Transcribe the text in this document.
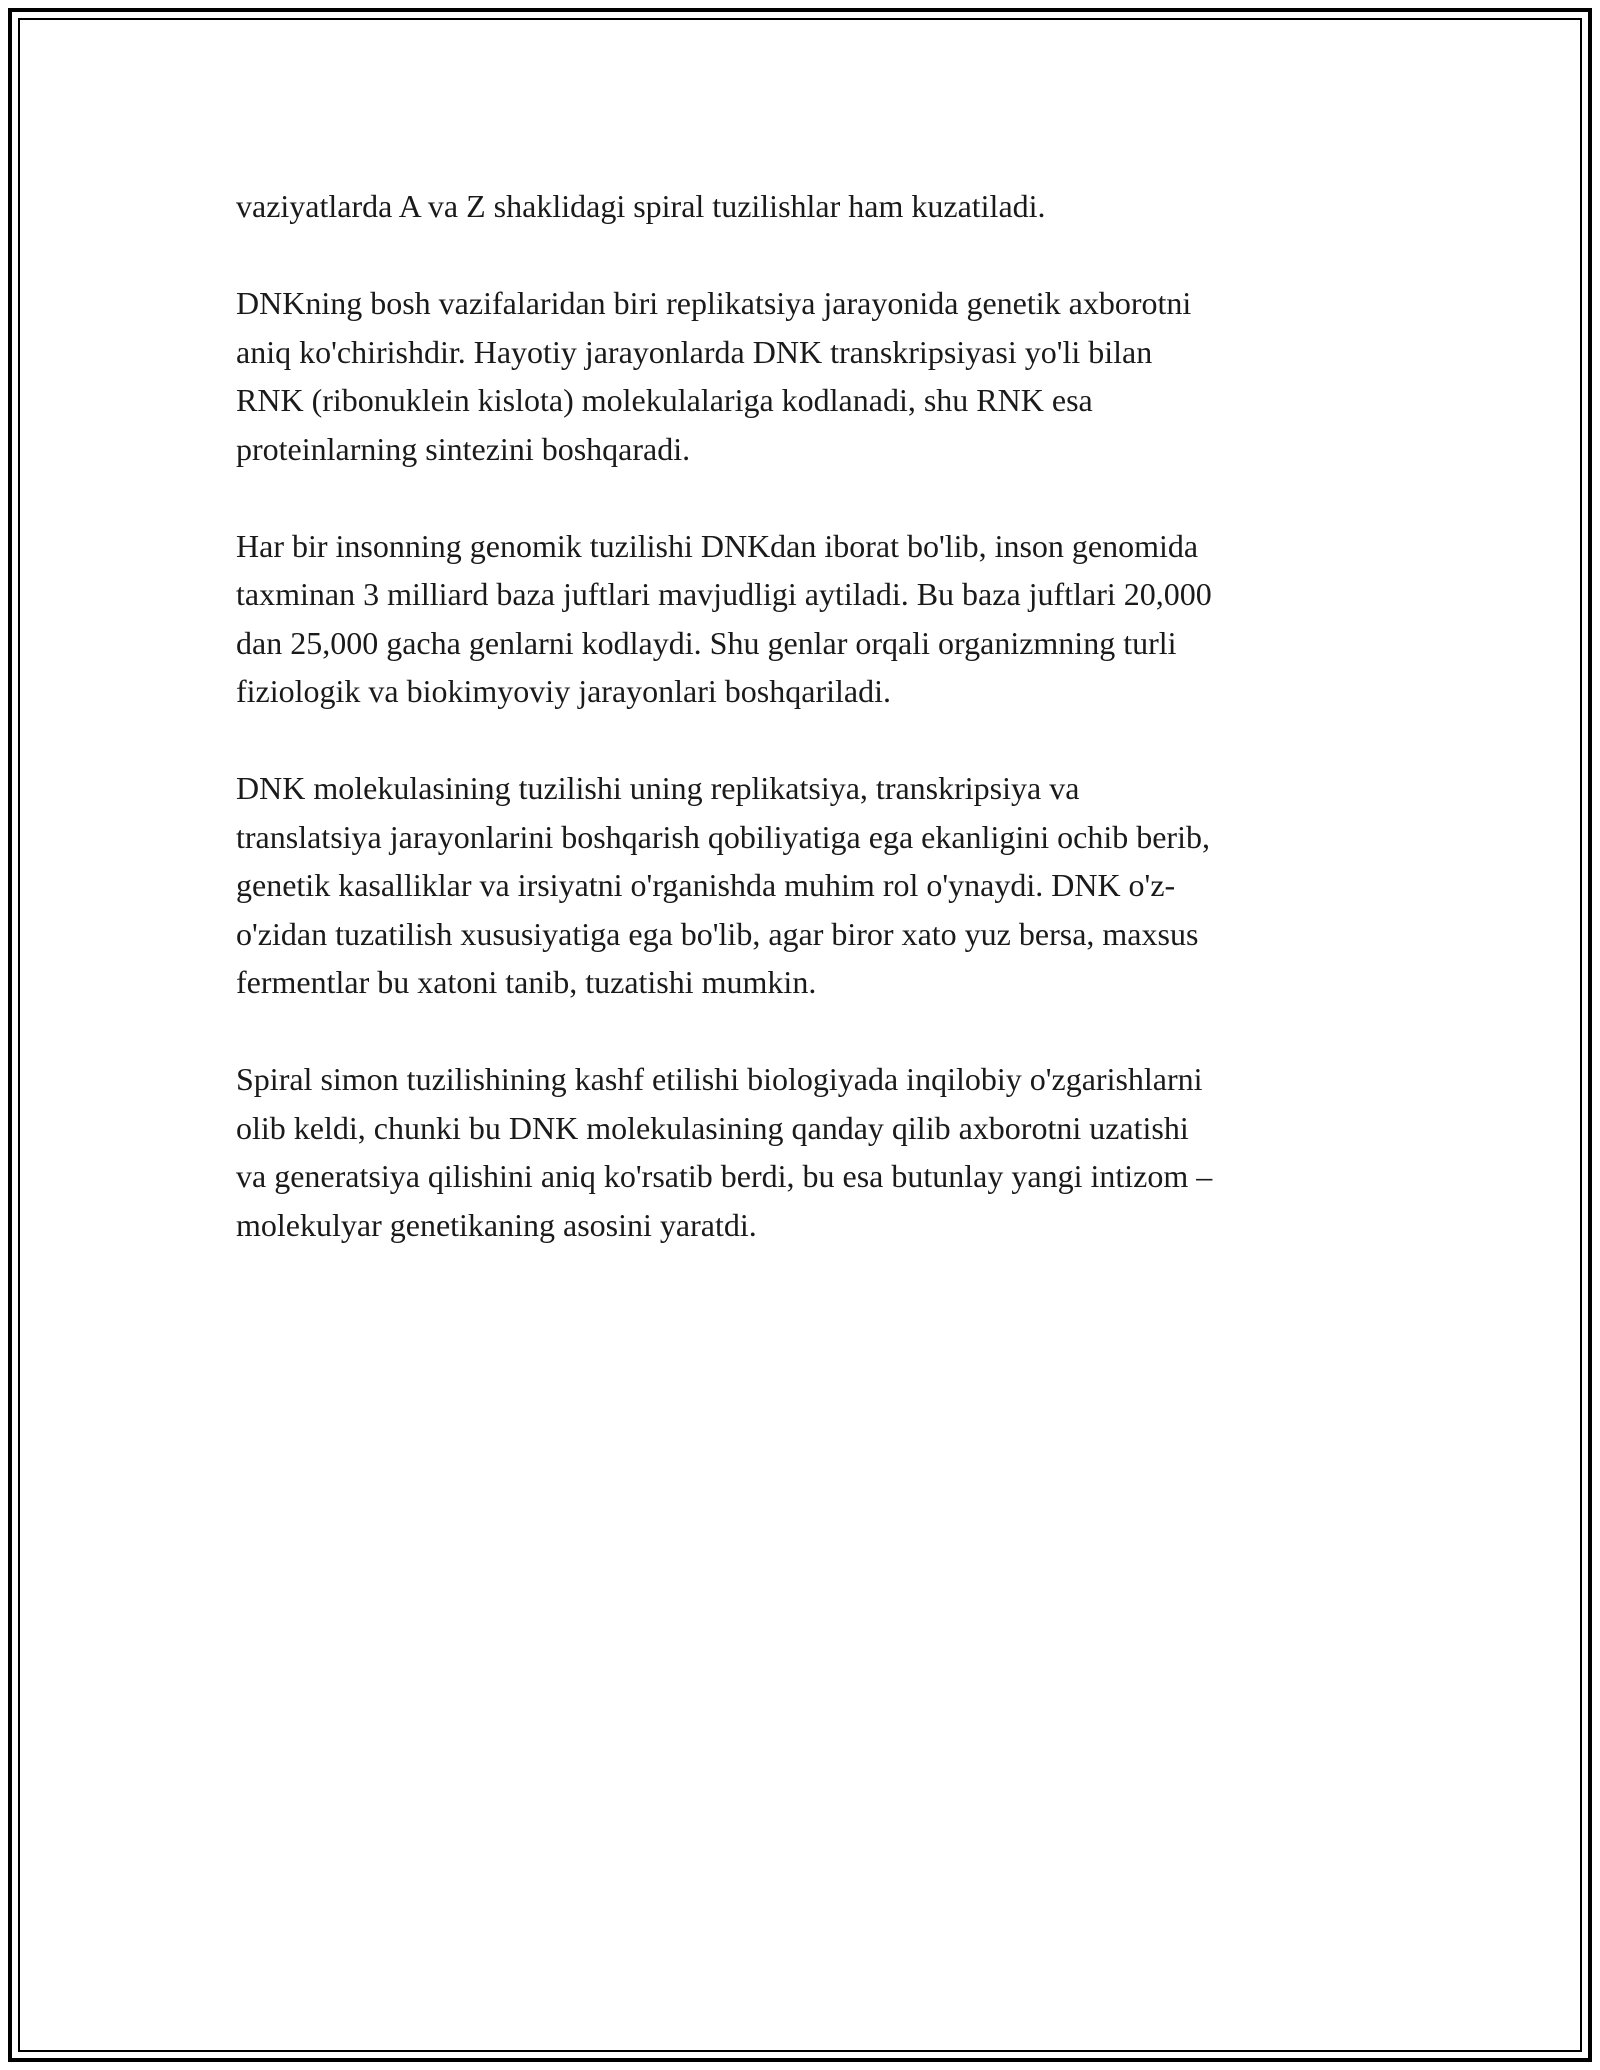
vaziyatlarda A va Z shaklidagi spiral tuzilishlar ham kuzatiladi.

DNKning bosh vazifalaridan biri replikatsiya jarayonida genetik axborotni
aniq ko'chirishdir. Hayotiy jarayonlarda DNK transkripsiyasi yo'li bilan
RNK (ribonuklein kislota) molekulalariga kodlanadi, shu RNK esa
proteinlarning sintezini boshqaradi.

Har bir insonning genomik tuzilishi DNKdan iborat bo'lib, inson genomida
taxminan 3 milliard baza juftlari mavjudligi aytiladi. Bu baza juftlari 20,000
dan 25,000 gacha genlarni kodlaydi. Shu genlar orqali organizmning turli
fiziologik va biokimyoviy jarayonlari boshqariladi.

DNK molekulasining tuzilishi uning replikatsiya, transkripsiya va
translatsiya jarayonlarini boshqarish qobiliyatiga ega ekanligini ochib berib,
genetik kasalliklar va irsiyatni o'rganishda muhim rol o'ynaydi. DNK o'z-
o'zidan tuzatilish xususiyatiga ega bo'lib, agar biror xato yuz bersa, maxsus
fermentlar bu xatoni tanib, tuzatishi mumkin.

Spiral simon tuzilishining kashf etilishi biologiyada inqilobiy o'zgarishlarni
olib keldi, chunki bu DNK molekulasining qanday qilib axborotni uzatishi
va generatsiya qilishini aniq ko'rsatib berdi, bu esa butunlay yangi intizom –
molekulyar genetikaning asosini yaratdi.
